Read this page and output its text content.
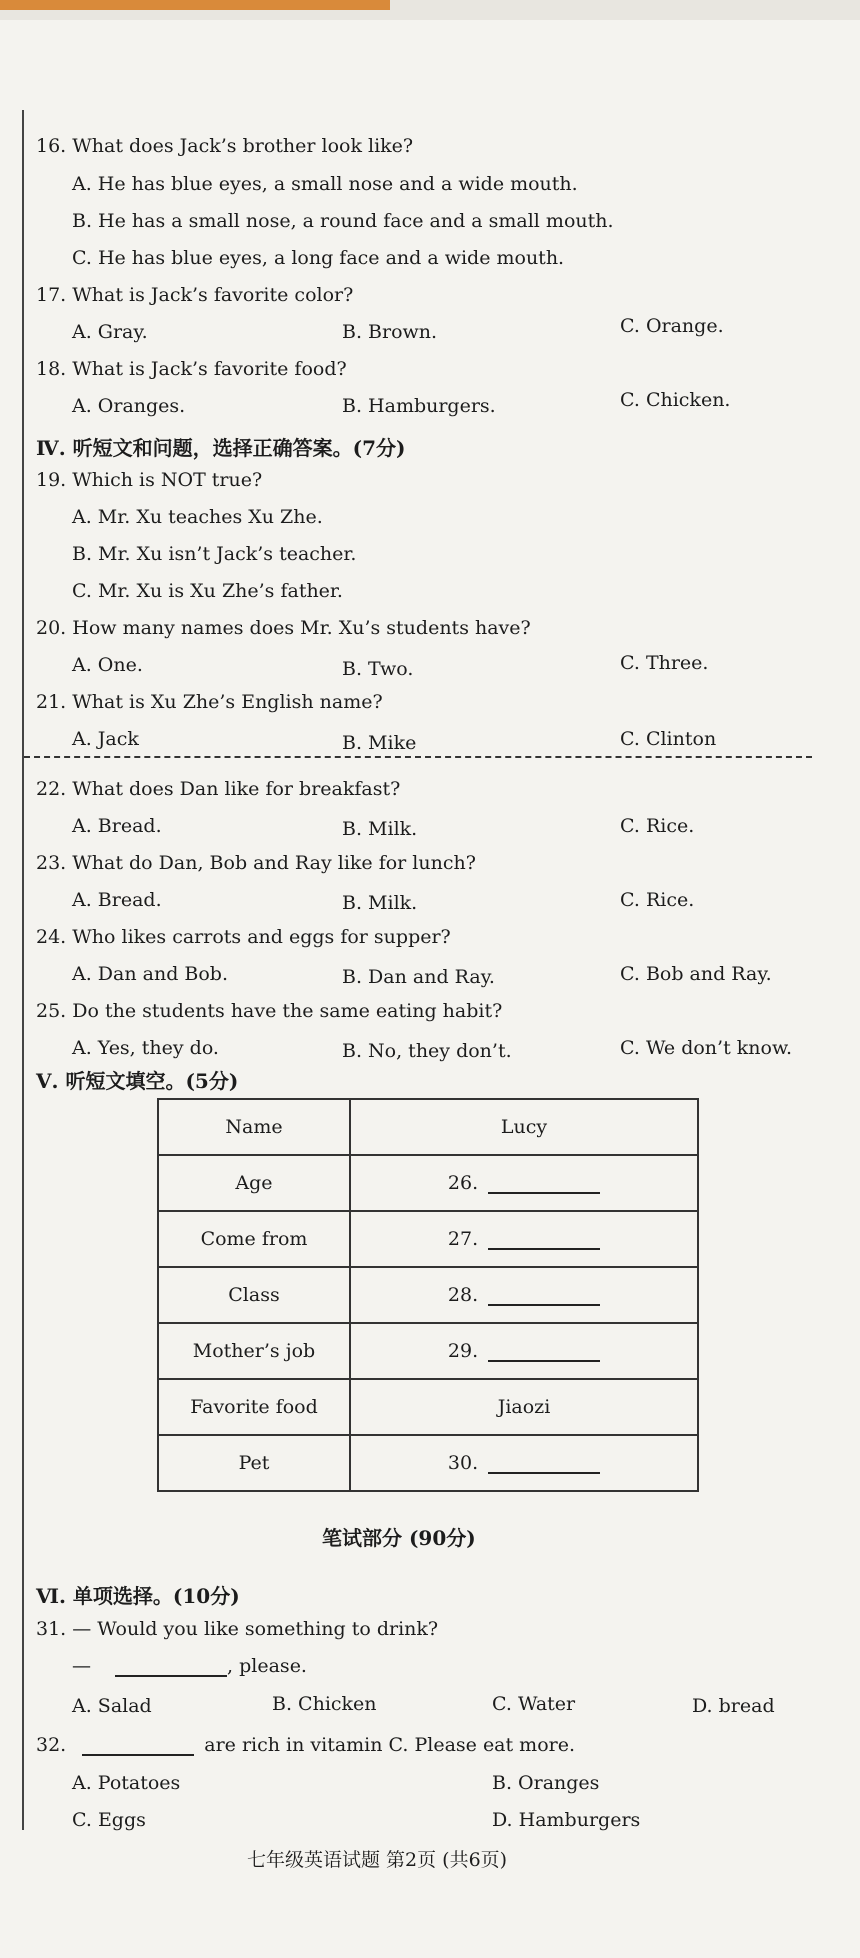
16. What does Jack’s brother look like?
A. He has blue eyes, a small nose and a wide mouth.
B. He has a small nose, a round face and a small mouth.
C. He has blue eyes, a long face and a wide mouth.
17. What is Jack’s favorite color?
A. Gray.	B. Brown.	C. Orange.
18. What is Jack’s favorite food?
A. Oranges.	B. Hamburgers.	C. Chicken.
Ⅳ. 听短文和问题，选择正确答案。(7分)
19. Which is NOT true?
A. Mr. Xu teaches Xu Zhe.
B. Mr. Xu isn’t Jack’s teacher.
C. Mr. Xu is Xu Zhe’s father.
20. How many names does Mr. Xu’s students have?
A. One.	B. Two.	C. Three.
21. What is Xu Zhe’s English name?
A. Jack	B. Mike	C. Clinton
22. What does Dan like for breakfast?
A. Bread.	B. Milk.	C. Rice.
23. What do Dan, Bob and Ray like for lunch?
A. Bread.	B. Milk.	C. Rice.
24. Who likes carrots and eggs for supper?
A. Dan and Bob.	B. Dan and Ray.	C. Bob and Ray.
25. Do the students have the same eating habit?
A. Yes, they do.	B. No, they don’t.	C. We don’t know.
Ⅴ. 听短文填空。(5分)
Name	Lucy
Age	26.
Come from	27.
Class	28.
Mother’s job	29.
Favorite food	Jiaozi
Pet	30.
笔试部分 (90分)
Ⅵ. 单项选择。(10分)
31. — Would you like something to drink?
—	, please.
A. Salad	B. Chicken	C. Water	D. bread
32.	are rich in vitamin C. Please eat more.
A. Potatoes	B. Oranges
C. Eggs	D. Hamburgers
七年级英语试题 第2页 (共6页)
